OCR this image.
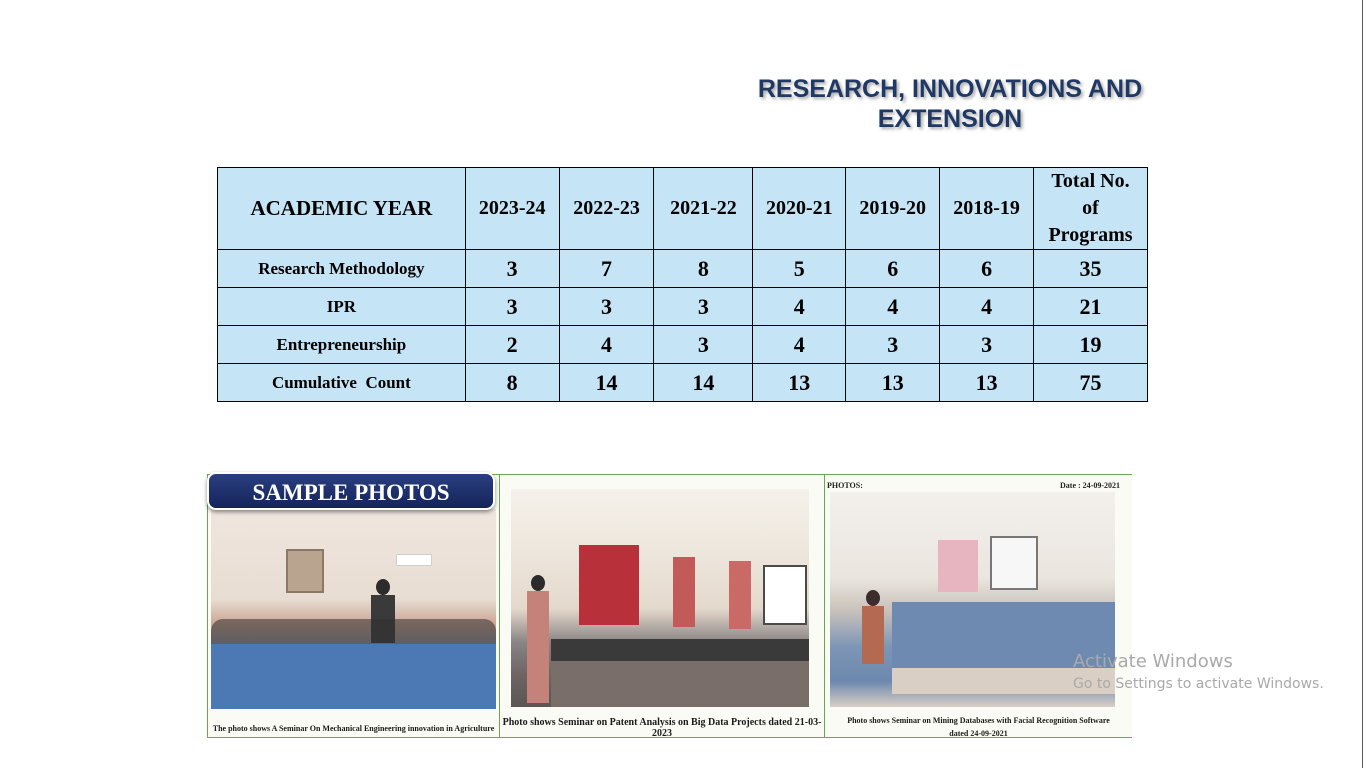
RESEARCH, INNOVATIONS AND
EXTENSION
ACADEMIC YEAR	2023-24	2022-23	2021-22	2020-21	2019-20	2018-19	Total No.
of
Programs
Research Methodology	3	7	8	5	6	6	35
IPR	3	3	3	4	4	4	21
Entrepreneurship	2	4	3	4	3	3	19
Cumulative  Count	8	14	14	13	13	13	75
The photo shows A Seminar On Mechanical Engineering innovation in Agriculture
Photo shows Seminar on Patent Analysis on Big Data Projects dated 21-03-2023
PHOTOS:	Date : 24-09-2021
Photo shows Seminar on Mining Databases with Facial Recognition Software dated 24-09-2021
SAMPLE PHOTOS
Activate Windows
Go to Settings to activate Windows.
